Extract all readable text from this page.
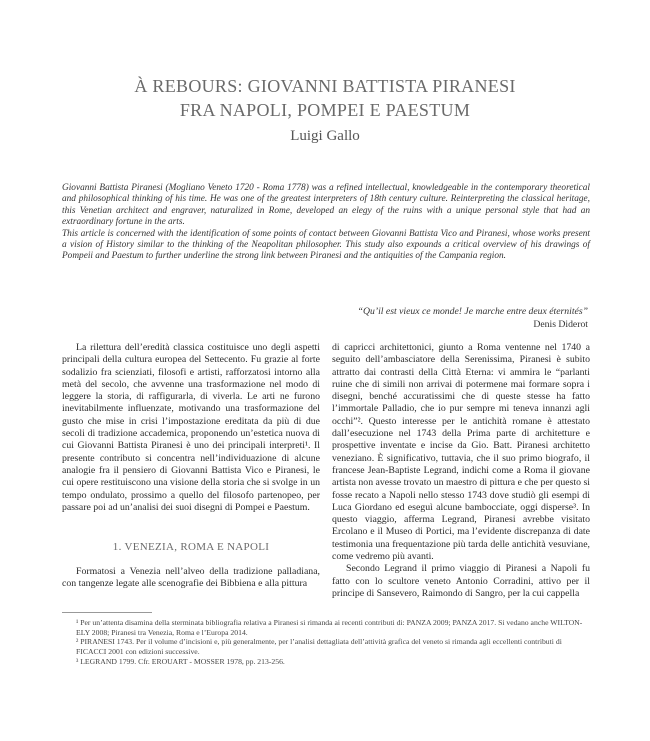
À REBOURS: GIOVANNI BATTISTA PIRANESI
FRA NAPOLI, POMPEI E PAESTUM
Luigi Gallo

Giovanni Battista Piranesi (Mogliano Veneto 1720 - Roma 1778) was a refined intellectual, knowledgeable in the contemporary theoretical and philosophical thinking of his time. He was one of the greatest interpreters of 18th century culture. Reinterpreting the classical heritage, this Venetian architect and engraver, naturalized in Rome, developed an elegy of the ruins with a unique personal style that had an extraordinary fortune in the arts.

This article is concerned with the identification of some points of contact between Giovanni Battista Vico and Piranesi, whose works present a vision of History similar to the thinking of the Neapolitan philosopher. This study also expounds a critical overview of his drawings of Pompeii and Paestum to further underline the strong link between Piranesi and the antiquities of the Campania region.

“Qu’il est vieux ce monde! Je marche entre deux éternités”
Denis Diderot

La rilettura dell’eredità classica costituisce uno degli aspetti principali della cultura europea del Settecento. Fu grazie al forte sodalizio fra scienziati, filosofi e artisti, rafforzatosi intorno alla metà del secolo, che avvenne una trasformazione nel modo di leggere la storia, di raffigurarla, di viverla. Le arti ne furono inevitabilmente influenzate, motivando una trasformazione del gusto che mise in crisi l’impostazione ereditata da più di due secoli di tradizione accademica, proponendo un’estetica nuova di cui Giovanni Battista Piranesi è uno dei principali interpreti¹. Il presente contributo si concentra nell’individuazione di alcune analogie fra il pensiero di Giovanni Battista Vico e Piranesi, le cui opere restituiscono una visione della storia che si svolge in un tempo ondulato, prossimo a quello del filosofo partenopeo, per passare poi ad un’analisi dei suoi disegni di Pompei e Paestum.

1. VENEZIA, ROMA E NAPOLI

Formatosi a Venezia nell’alveo della tradizione palladiana, con tangenze legate alle scenografie dei Bibbiena e alla pittura

di capricci architettonici, giunto a Roma ventenne nel 1740 a seguito dell’ambasciatore della Serenissima, Piranesi è subito attratto dai contrasti della Città Eterna: vi ammira le “parlanti ruine che di simili non arrivai di potermene mai formare sopra i disegni, benché accuratissimi che di queste stesse ha fatto l’immortale Palladio, che io pur sempre mi teneva innanzi agli occhi”². Questo interesse per le antichità romane è attestato dall’esecuzione nel 1743 della Prima parte di architetture e prospettive inventate e incise da Gio. Batt. Piranesi architetto veneziano. È significativo, tuttavia, che il suo primo biografo, il francese Jean-Baptiste Legrand, indichi come a Roma il giovane artista non avesse trovato un maestro di pittura e che per questo si fosse recato a Napoli nello stesso 1743 dove studiò gli esempi di Luca Giordano ed eseguì alcune bambocciate, oggi disperse³. In questo viaggio, afferma Legrand, Piranesi avrebbe visitato Ercolano e il Museo di Portici, ma l’evidente discrepanza di date testimonia una frequentazione più tarda delle antichità vesuviane, come vedremo più avanti.

Secondo Legrand il primo viaggio di Piranesi a Napoli fu fatto con lo scultore veneto Antonio Corradini, attivo per il principe di Sansevero, Raimondo di Sangro, per la cui cappella

¹ Per un’attenta disamina della sterminata bibliografia relativa a Piranesi si rimanda ai recenti contributi di: PANZA 2009; PANZA 2017. Si vedano anche WILTON-ELY 2008; Piranesi tra Venezia, Roma e l’Europa 2014.

² PIRANESI 1743. Per il volume d’incisioni e, più generalmente, per l’analisi dettagliata dell’attività grafica del veneto si rimanda agli eccellenti contributi di FICACCI 2001 con edizioni successive.

³ LEGRAND 1799. Cfr. EROUART - MOSSER 1978, pp. 213-256.
